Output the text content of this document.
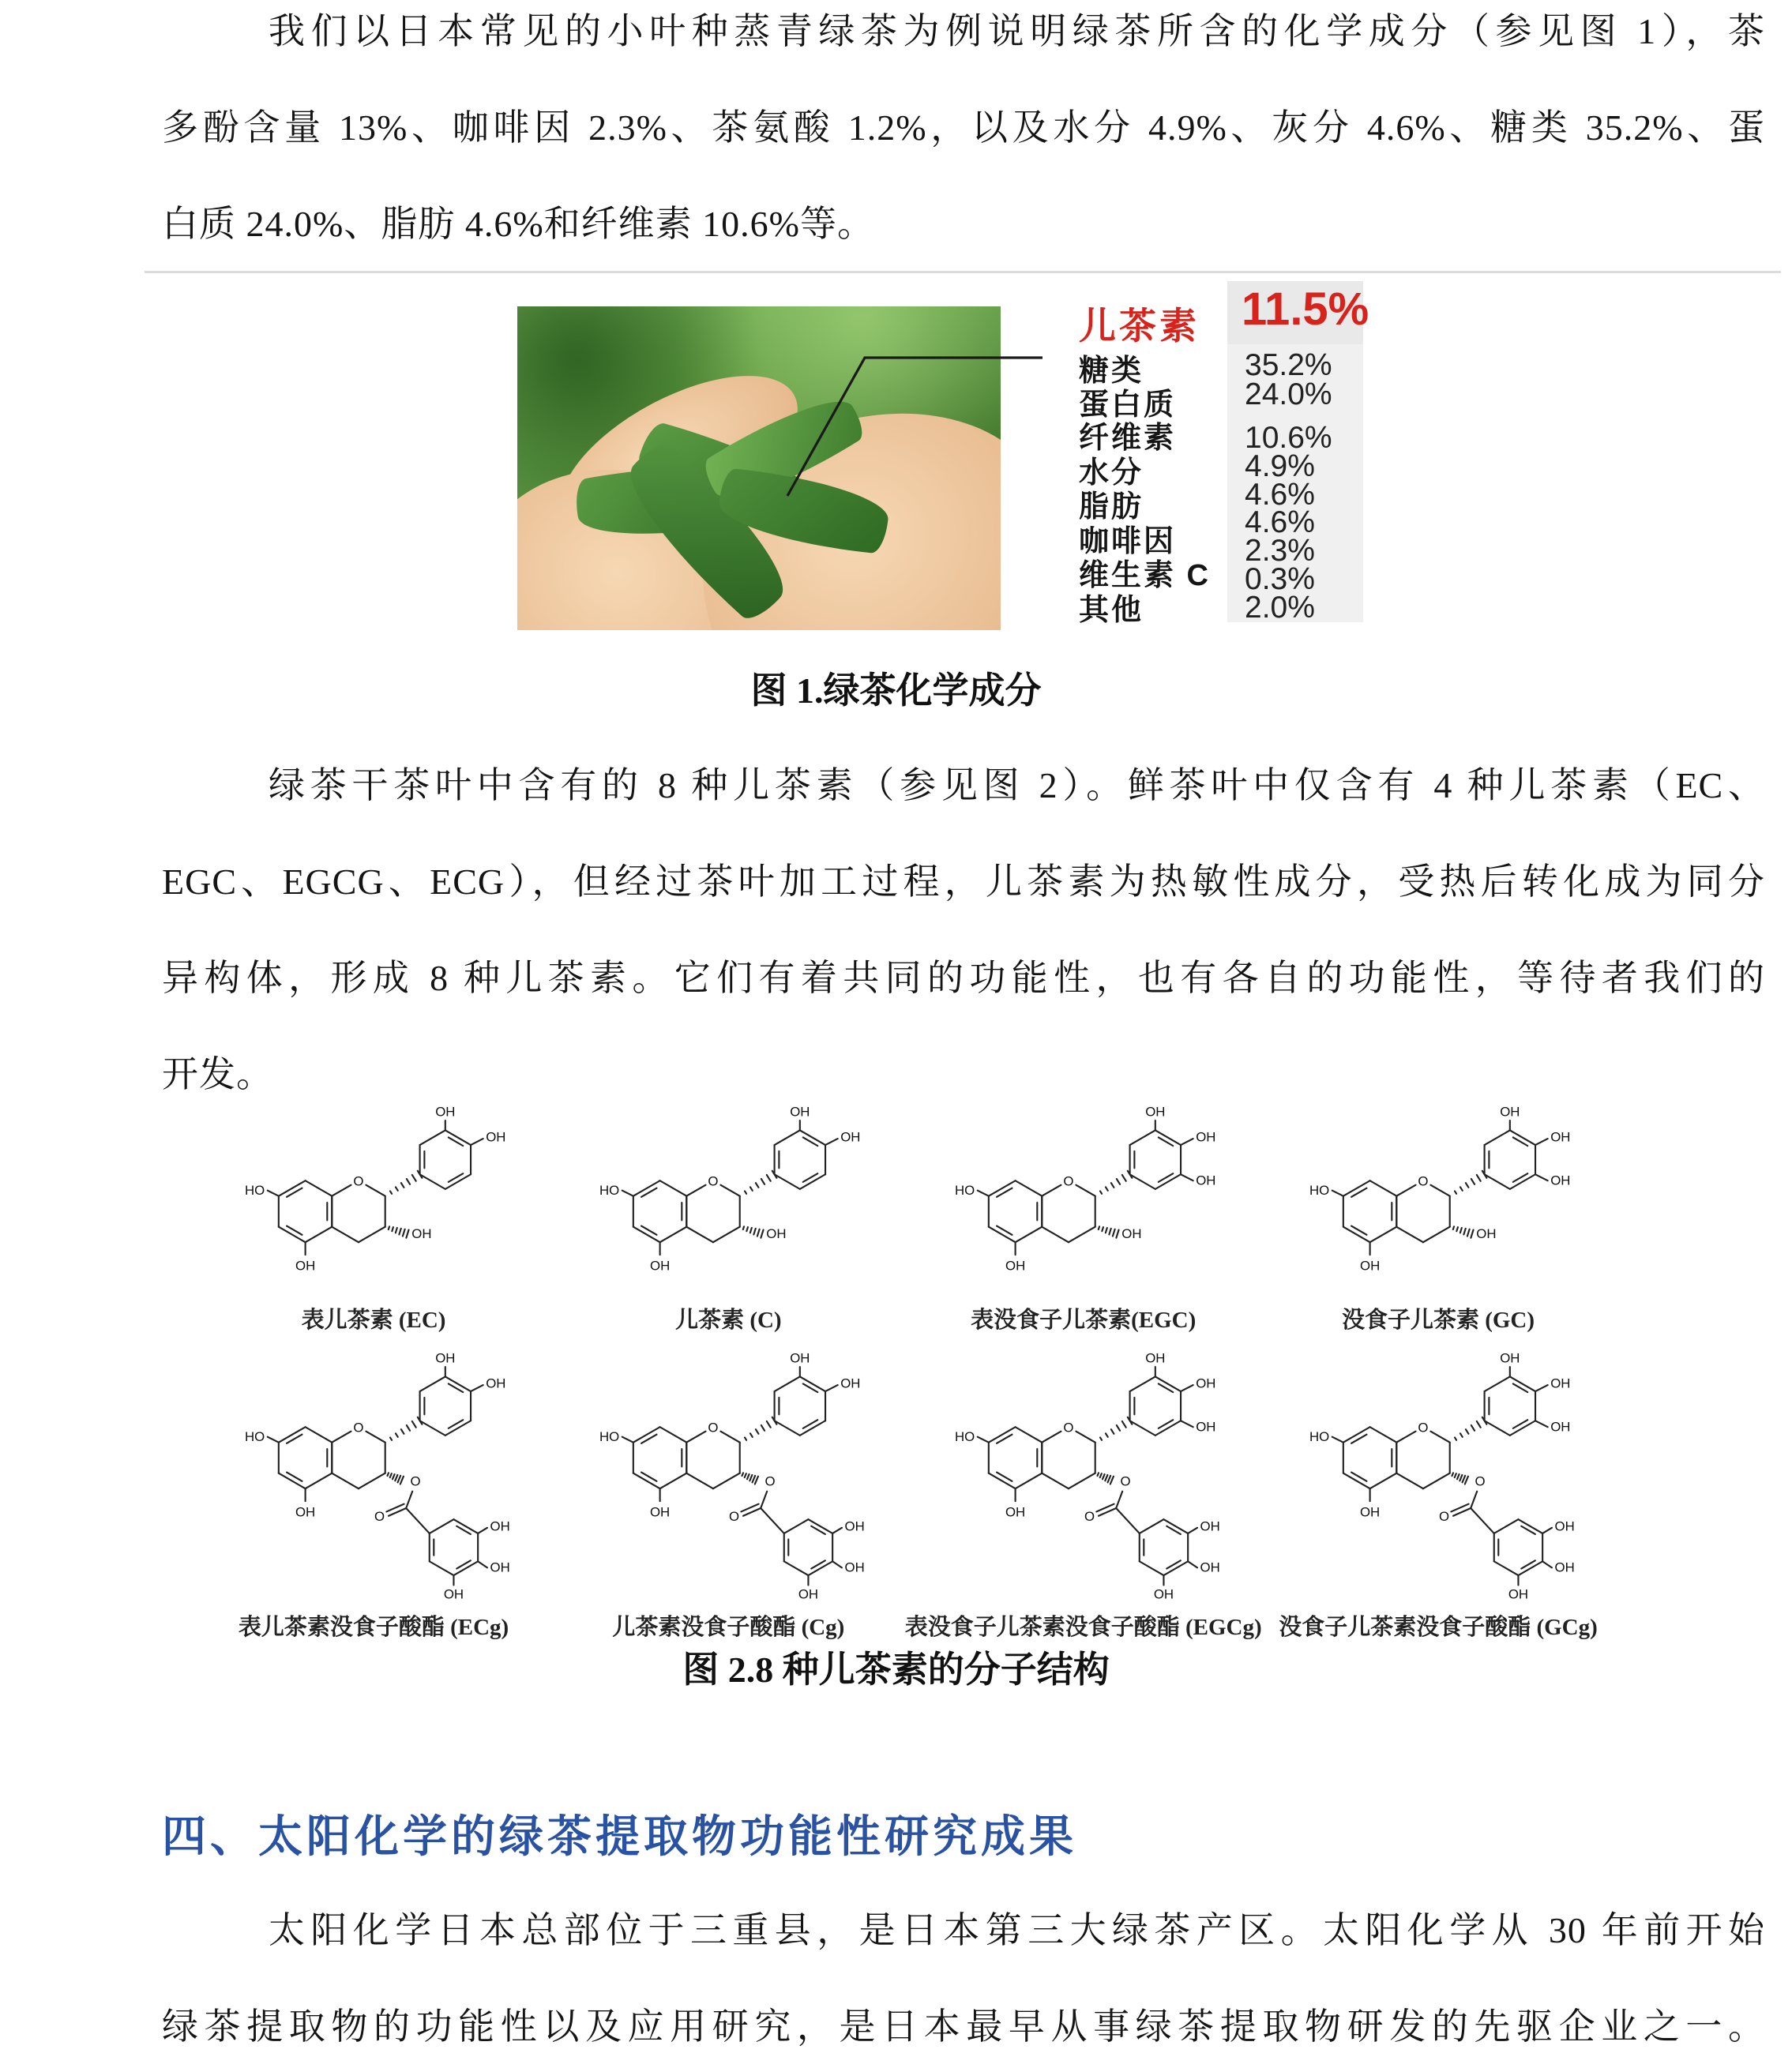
我们以日本常见的小叶种蒸青绿茶为例说明绿茶所含的化学成分（参见图 1），茶
多酚含量 13%、咖啡因 2.3%、茶氨酸 1.2%，以及水分 4.9%、灰分 4.6%、糖类 35.2%、蛋
白质 24.0%、脂肪 4.6%和纤维素 10.6%等。
儿茶素 11.5%
糖类	35.2%
蛋白质 24.0%
纤维素
水分
脂肪
咖啡因
维生素 C
其他
10.6%
4.9%
4.6%
4.6%
2.3%
0.3%
2.0%
图 1.绿茶化学成分
绿茶干茶叶中含有的 8 种儿茶素（参见图 2）。鲜茶叶中仅含有 4 种儿茶素（EC、
EGC、EGCG、ECG），但经过茶叶加工过程，儿茶素为热敏性成分，受热后转化成为同分
异构体，形成 8 种儿茶素。它们有着共同的功能性，也有各自的功能性，等待者我们的
开发。
O
HO
OH
OH
OH
OH
表儿茶素 (EC)
O
HO
OH
OH
OH
OH
儿茶素 (C)
O
HO
OH
OH
OH
OH
OH
表没食子儿茶素(EGC)
O
HO
OH
OH
OH
OH
OH
没食子儿茶素 (GC)
O
HO
OH
OH
OH
O
O
OH
OH
OH
表儿茶素没食子酸酯 (ECg)
O
HO
OH
OH
OH
O
O
OH
OH
OH
儿茶素没食子酸酯 (Cg)
O
HO
OH
OH
OH
OH
O
O
OH
OH
OH
表没食子儿茶素没食子酸酯 (EGCg)
O
HO
OH
OH
OH
OH
O
O
OH
OH
OH
没食子儿茶素没食子酸酯 (GCg)
图 2.8 种儿茶素的分子结构
四、太阳化学的绿茶提取物功能性研究成果
太阳化学日本总部位于三重县，是日本第三大绿茶产区。太阳化学从 30 年前开始
绿茶提取物的功能性以及应用研究，是日本最早从事绿茶提取物研发的先驱企业之一。
